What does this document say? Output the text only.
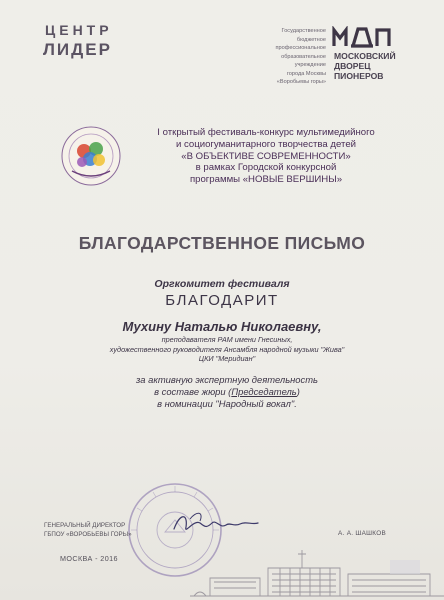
ЦЕНТР
ЛИДЕР
Государственное
бюджетное
профессиональное
образовательное
учреждение
города Москвы
«Воробьевы горы»
МОСКОВСКИЙ
ДВОРЕЦ
ПИОНЕРОВ
I открытый фестиваль-конкурс мультимедийного
и социогуманитарного творчества детей
«В ОБЪЕКТИВЕ СОВРЕМЕННОСТИ»
в рамках Городской конкурсной
программы «НОВЫЕ ВЕРШИНЫ»
БЛАГОДАРСТВЕННОЕ ПИСЬМО
Оргкомитет фестиваля
БЛАГОДАРИТ
Мухину Наталью Николаевну,
преподавателя РАМ имени Гнесиных,
художественного руководителя Ансамбля народной музыки "Жива"
ЦКИ "Меридиан"
за активную экспертную деятельность
в составе жюри (Председатель)
в номинации "Народный вокал".
ГЕНЕРАЛЬНЫЙ ДИРЕКТОР
ГБПОУ «ВОРОБЬЕВЫ ГОРЫ»	А. А. ШАШКОВ
МОСКВА - 2016
